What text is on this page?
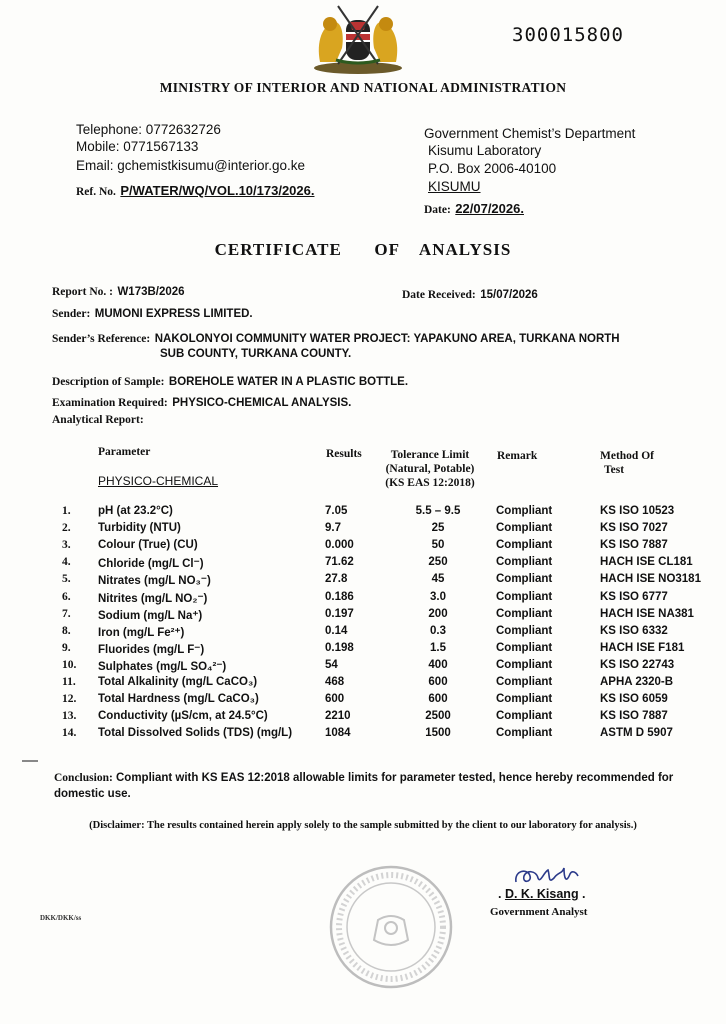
300015800
MINISTRY OF INTERIOR AND NATIONAL ADMINISTRATION
Telephone: 0772632726
Mobile: 0771567133
Email: gchemistkisumu@interior.go.ke
Ref. No. P/WATER/WQ/VOL.10/173/2026.
Government Chemist’s Department
Kisumu Laboratory
P.O. Box 2006-40100
KISUMU
Date: 22/07/2026.
CERTIFICATE OF ANALYSIS
Report No. : W173B/2026	Date Received: 15/07/2026
Sender: MUMONI EXPRESS LIMITED.
Sender’s Reference: NAKOLONYOI COMMUNITY WATER PROJECT: YAPAKUNO AREA, TURKANA NORTH
SUB COUNTY, TURKANA COUNTY.
Description of Sample: BOREHOLE WATER IN A PLASTIC BOTTLE.
Examination Required: PHYSICO-CHEMICAL ANALYSIS.
Analytical Report:
Parameter	Results	Tolerance Limit
(Natural, Potable)
(KS EAS 12:2018)
Remark	Method Of
Test
PHYSICO-CHEMICAL
1. pH (at 23.2°C)	7.05	5.5 – 9.5	Compliant	KS ISO 10523
2. Turbidity (NTU)	9.7	25	Compliant	KS ISO 7027
3. Colour (True) (CU)	0.000	50	Compliant	KS ISO 7887
4. Chloride (mg/L Cl⁻)	71.62	250	Compliant	HACH ISE CL181
5. Nitrates (mg/L NO₃⁻)	27.8	45	Compliant	HACH ISE NO3181
6. Nitrites (mg/L NO₂⁻)	0.186	3.0	Compliant	KS ISO 6777
7. Sodium (mg/L Na⁺)	0.197	200	Compliant	HACH ISE NA381
8. Iron (mg/L Fe²⁺)	0.14	0.3	Compliant	KS ISO 6332
9. Fluorides (mg/L F⁻)	0.198	1.5	Compliant	HACH ISE F181
10. Sulphates (mg/L SO₄²⁻)	54	400	Compliant	KS ISO 22743
11. Total Alkalinity (mg/L CaCO₃)	468	600	Compliant	APHA 2320-B
12. Total Hardness (mg/L CaCO₃)	600	600	Compliant	KS ISO 6059
13. Conductivity (µS/cm, at 24.5°C)	2210	2500	Compliant	KS ISO 7887
14. Total Dissolved Solids (TDS) (mg/L)	1084	1500	Compliant	ASTM D 5907
Conclusion: Compliant with KS EAS 12:2018 allowable limits for parameter tested, hence hereby recommended for domestic use.
(Disclaimer: The results contained herein apply solely to the sample submitted by the client to our laboratory for analysis.)
. D. K. Kisang .
Government Analyst
DKK/DKK/ss
